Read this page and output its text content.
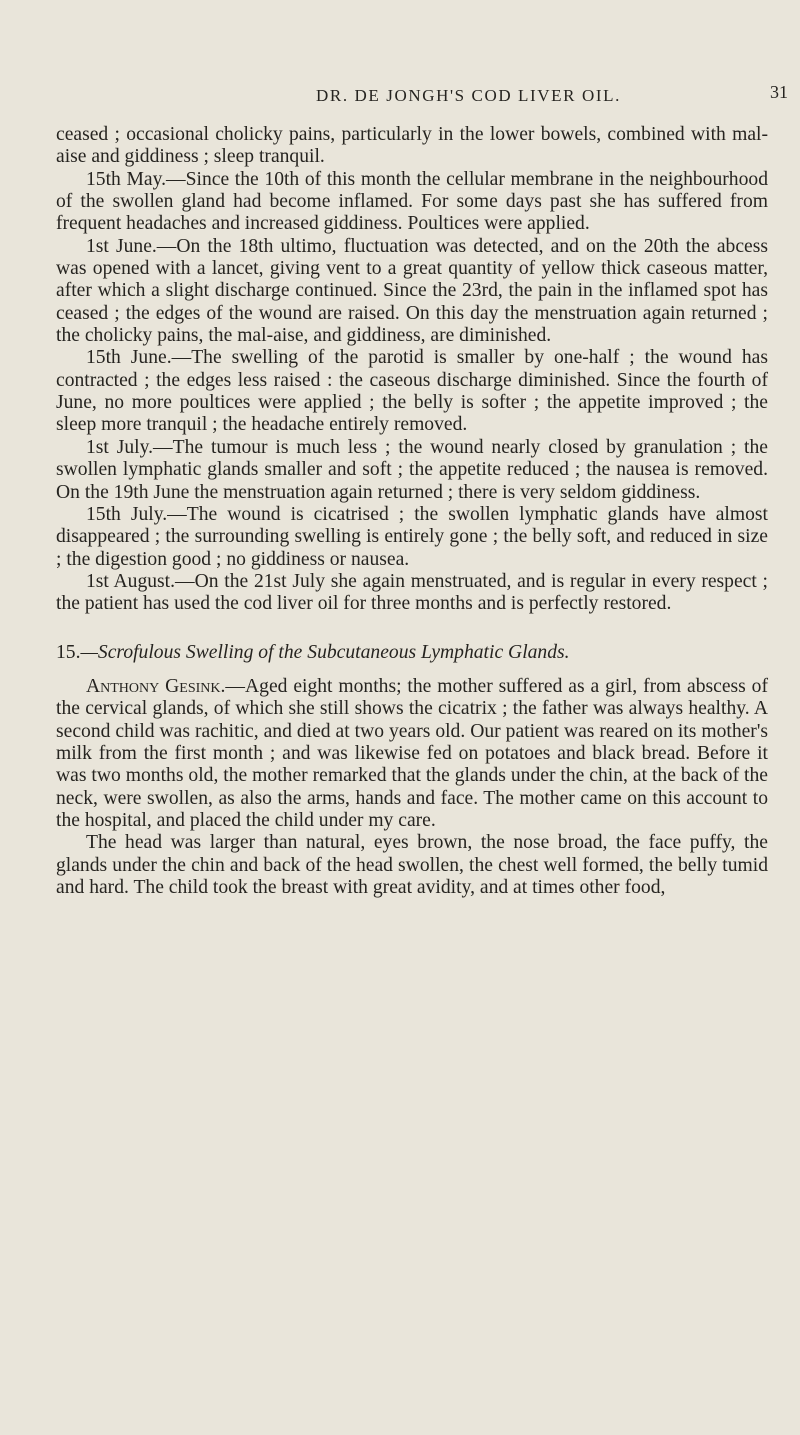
DR. DE JONGH'S COD LIVER OIL.	31

ceased ; occasional cholicky pains, particularly in the lower bowels, combined with mal-aise and giddiness ; sleep tranquil.

15th May.—Since the 10th of this month the cellular membrane in the neighbourhood of the swollen gland had become inflamed. For some days past she has suffered from frequent headaches and increased giddiness. Poultices were applied.

1st June.—On the 18th ultimo, fluctuation was detected, and on the 20th the abcess was opened with a lancet, giving vent to a great quantity of yellow thick caseous matter, after which a slight discharge continued. Since the 23rd, the pain in the inflamed spot has ceased ; the edges of the wound are raised. On this day the menstruation again returned ; the cholicky pains, the mal-aise, and giddiness, are diminished.

15th June.—The swelling of the parotid is smaller by one-half ; the wound has contracted ; the edges less raised : the caseous discharge diminished. Since the fourth of June, no more poultices were applied ; the belly is softer ; the appetite improved ; the sleep more tranquil ; the headache entirely removed.

1st July.—The tumour is much less ; the wound nearly closed by granulation ; the swollen lymphatic glands smaller and soft ; the appetite reduced ; the nausea is removed. On the 19th June the menstruation again returned ; there is very seldom giddiness.

15th July.—The wound is cicatrised ; the swollen lymphatic glands have almost disappeared ; the surrounding swelling is entirely gone ; the belly soft, and reduced in size ; the digestion good ; no giddiness or nausea.

1st August.—On the 21st July she again menstruated, and is regular in every respect ; the patient has used the cod liver oil for three months and is perfectly restored.

15.—Scrofulous Swelling of the Subcutaneous Lymphatic Glands.

Anthony Gesink.—Aged eight months; the mother suffered as a girl, from abscess of the cervical glands, of which she still shows the cicatrix ; the father was always healthy. A second child was rachitic, and died at two years old. Our patient was reared on its mother's milk from the first month ; and was likewise fed on potatoes and black bread. Before it was two months old, the mother remarked that the glands under the chin, at the back of the neck, were swollen, as also the arms, hands and face. The mother came on this account to the hospital, and placed the child under my care.

The head was larger than natural, eyes brown, the nose broad, the face puffy, the glands under the chin and back of the head swollen, the chest well formed, the belly tumid and hard. The child took the breast with great avidity, and at times other food,
